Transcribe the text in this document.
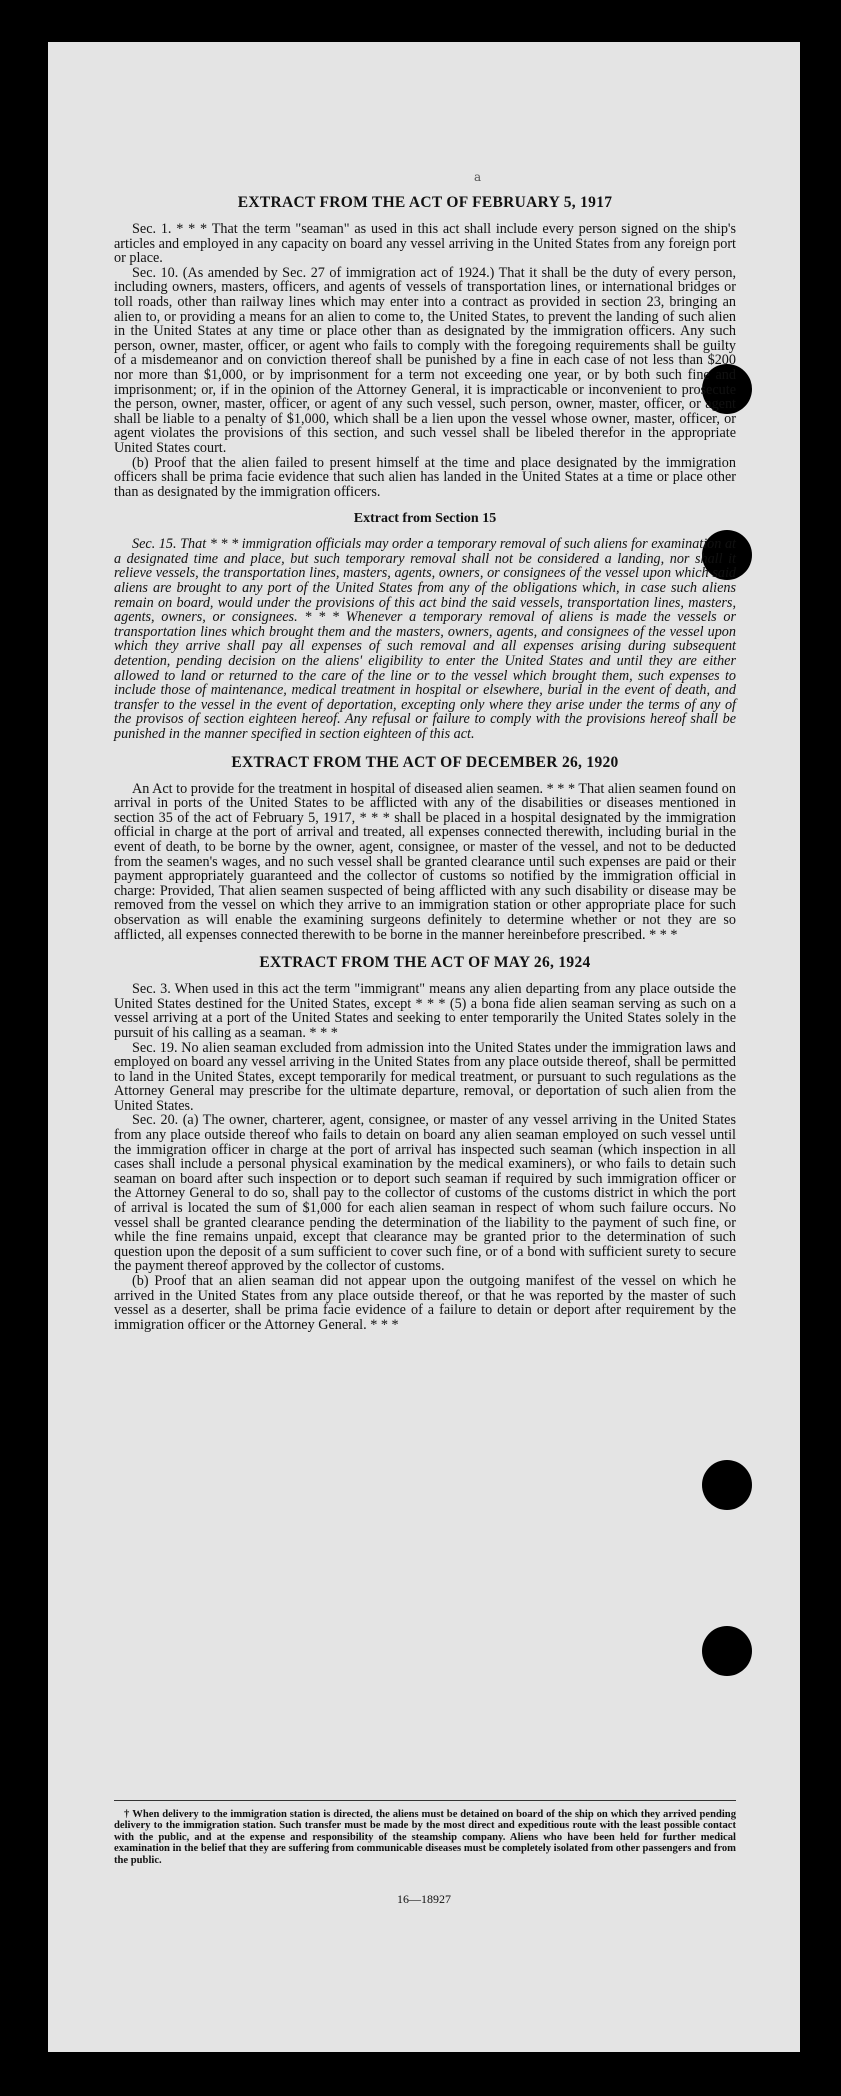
a
EXTRACT FROM THE ACT OF FEBRUARY 5, 1917

Sec. 1. * * * That the term "seaman" as used in this act shall include every person signed on the ship's articles and employed in any capacity on board any vessel arriving in the United States from any foreign port or place.

Sec. 10. (As amended by Sec. 27 of immigration act of 1924.) That it shall be the duty of every person, including owners, masters, officers, and agents of vessels of transportation lines, or international bridges or toll roads, other than railway lines which may enter into a contract as provided in section 23, bringing an alien to, or providing a means for an alien to come to, the United States, to prevent the landing of such alien in the United States at any time or place other than as designated by the immigration officers. Any such person, owner, master, officer, or agent who fails to comply with the foregoing requirements shall be guilty of a misdemeanor and on conviction thereof shall be punished by a fine in each case of not less than $200 nor more than $1,000, or by imprisonment for a term not exceeding one year, or by both such fine and imprisonment; or, if in the opinion of the Attorney General, it is impracticable or inconvenient to prosecute the person, owner, master, officer, or agent of any such vessel, such person, owner, master, officer, or agent shall be liable to a penalty of $1,000, which shall be a lien upon the vessel whose owner, master, officer, or agent violates the provisions of this section, and such vessel shall be libeled therefor in the appropriate United States court.

(b) Proof that the alien failed to present himself at the time and place designated by the immigration officers shall be prima facie evidence that such alien has landed in the United States at a time or place other than as designated by the immigration officers.

Extract from Section 15

Sec. 15. That * * * immigration officials may order a temporary removal of such aliens for examination at a designated time and place, but such temporary removal shall not be considered a landing, nor shall it relieve vessels, the transportation lines, masters, agents, owners, or consignees of the vessel upon which said aliens are brought to any port of the United States from any of the obligations which, in case such aliens remain on board, would under the provisions of this act bind the said vessels, transportation lines, masters, agents, owners, or consignees. * * * Whenever a temporary removal of aliens is made the vessels or transportation lines which brought them and the masters, owners, agents, and consignees of the vessel upon which they arrive shall pay all expenses of such removal and all expenses arising during subsequent detention, pending decision on the aliens' eligibility to enter the United States and until they are either allowed to land or returned to the care of the line or to the vessel which brought them, such expenses to include those of maintenance, medical treatment in hospital or elsewhere, burial in the event of death, and transfer to the vessel in the event of deportation, excepting only where they arise under the terms of any of the provisos of section eighteen hereof. Any refusal or failure to comply with the provisions hereof shall be punished in the manner specified in section eighteen of this act.

EXTRACT FROM THE ACT OF DECEMBER 26, 1920

An Act to provide for the treatment in hospital of diseased alien seamen. * * * That alien seamen found on arrival in ports of the United States to be afflicted with any of the disabilities or diseases mentioned in section 35 of the act of February 5, 1917, * * * shall be placed in a hospital designated by the immigration official in charge at the port of arrival and treated, all expenses connected therewith, including burial in the event of death, to be borne by the owner, agent, consignee, or master of the vessel, and not to be deducted from the seamen's wages, and no such vessel shall be granted clearance until such expenses are paid or their payment appropriately guaranteed and the collector of customs so notified by the immigration official in charge: Provided, That alien seamen suspected of being afflicted with any such disability or disease may be removed from the vessel on which they arrive to an immigration station or other appropriate place for such observation as will enable the examining surgeons definitely to determine whether or not they are so afflicted, all expenses connected therewith to be borne in the manner hereinbefore prescribed. * * *

EXTRACT FROM THE ACT OF MAY 26, 1924

Sec. 3. When used in this act the term "immigrant" means any alien departing from any place outside the United States destined for the United States, except * * * (5) a bona fide alien seaman serving as such on a vessel arriving at a port of the United States and seeking to enter temporarily the United States solely in the pursuit of his calling as a seaman. * * *

Sec. 19. No alien seaman excluded from admission into the United States under the immigration laws and employed on board any vessel arriving in the United States from any place outside thereof, shall be permitted to land in the United States, except temporarily for medical treatment, or pursuant to such regulations as the Attorney General may prescribe for the ultimate departure, removal, or deportation of such alien from the United States.

Sec. 20. (a) The owner, charterer, agent, consignee, or master of any vessel arriving in the United States from any place outside thereof who fails to detain on board any alien seaman employed on such vessel until the immigration officer in charge at the port of arrival has inspected such seaman (which inspection in all cases shall include a personal physical examination by the medical examiners), or who fails to detain such seaman on board after such inspection or to deport such seaman if required by such immigration officer or the Attorney General to do so, shall pay to the collector of customs of the customs district in which the port of arrival is located the sum of $1,000 for each alien seaman in respect of whom such failure occurs. No vessel shall be granted clearance pending the determination of the liability to the payment of such fine, or while the fine remains unpaid, except that clearance may be granted prior to the determination of such question upon the deposit of a sum sufficient to cover such fine, or of a bond with sufficient surety to secure the payment thereof approved by the collector of customs.

(b) Proof that an alien seaman did not appear upon the outgoing manifest of the vessel on which he arrived in the United States from any place outside thereof, or that he was reported by the master of such vessel as a deserter, shall be prima facie evidence of a failure to detain or deport after requirement by the immigration officer or the Attorney General. * * *

† When delivery to the immigration station is directed, the aliens must be detained on board of the ship on which they arrived pending delivery to the immigration station. Such transfer must be made by the most direct and expeditious route with the least possible contact with the public, and at the expense and responsibility of the steamship company. Aliens who have been held for further medical examination in the belief that they are suffering from communicable diseases must be completely isolated from other passengers and from the public.

16—18927
